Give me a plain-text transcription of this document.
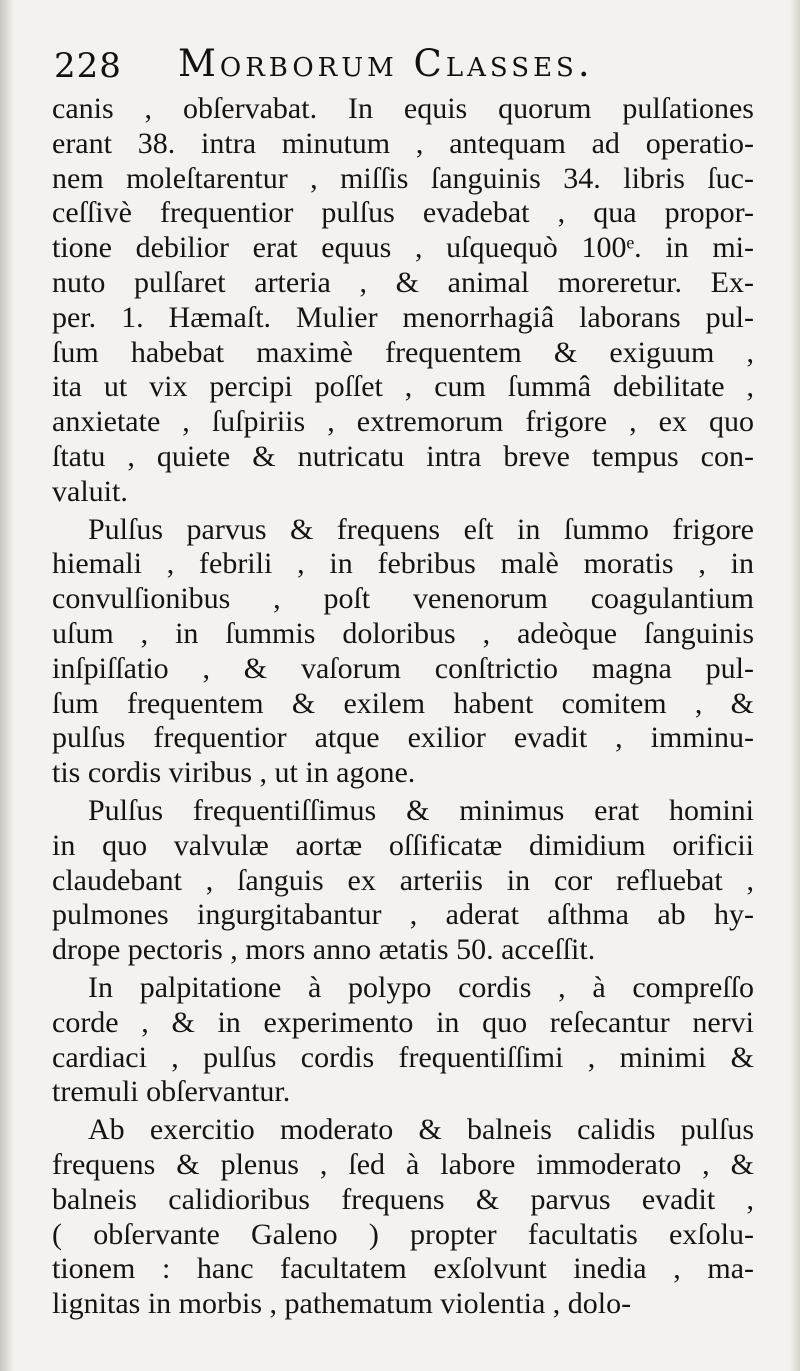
228 Morborum Classes.
canis , obſervabat. In equis quorum pulſationes
erant 38. intra minutum , antequam ad operatio-
nem moleſtarentur , miſſis ſanguinis 34. libris ſuc-
ceſſivè frequentior pulſus evadebat , qua propor-
tione debilior erat equus , uſquequò 100ᵉ. in mi-
nuto pulſaret arteria , & animal moreretur. Ex-
per. 1. Hæmaſt. Mulier menorrhagiâ laborans pul-
ſum habebat maximè frequentem & exiguum ,
ita ut vix percipi poſſet , cum ſummâ debilitate ,
anxietate , ſuſpiriis , extremorum frigore , ex quo
ſtatu , quiete & nutricatu intra breve tempus con-
valuit.
Pulſus parvus & frequens eſt in ſummo frigore
hiemali , febrili , in febribus malè moratis , in
convulſionibus , poſt venenorum coagulantium
uſum , in ſummis doloribus , adeòque ſanguinis
inſpiſſatio , & vaſorum conſtrictio magna pul-
ſum frequentem & exilem habent comitem , &
pulſus frequentior atque exilior evadit , imminu-
tis cordis viribus , ut in agone.
Pulſus frequentiſſimus & minimus erat homini
in quo valvulæ aortæ oſſificatæ dimidium orificii
claudebant , ſanguis ex arteriis in cor refluebat ,
pulmones ingurgitabantur , aderat aſthma ab hy-
drope pectoris , mors anno ætatis 50. acceſſit.
In palpitatione à polypo cordis , à compreſſo
corde , & in experimento in quo reſecantur nervi
cardiaci , pulſus cordis frequentiſſimi , minimi &
tremuli obſervantur.
Ab exercitio moderato & balneis calidis pulſus
frequens & plenus , ſed à labore immoderato , &
balneis calidioribus frequens & parvus evadit ,
( obſervante Galeno ) propter facultatis exſolu-
tionem : hanc facultatem exſolvunt inedia , ma-
lignitas in morbis , pathematum violentia , dolo-
